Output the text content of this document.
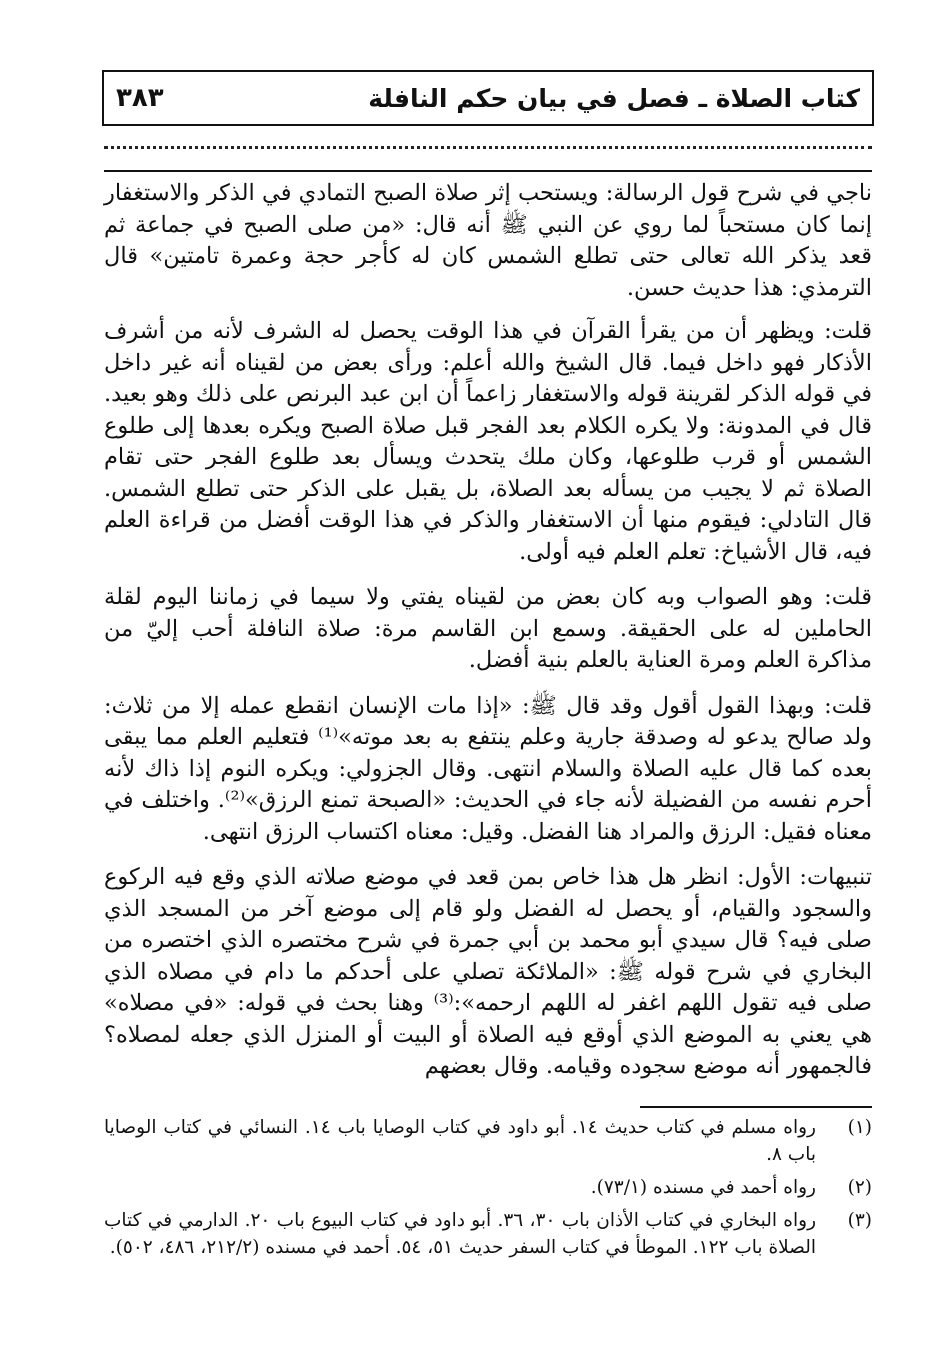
٣٨٣	كتاب الصلاة ـ فصل في بيان حكم النافلة

ناجي في شرح قول الرسالة: ويستحب إثر صلاة الصبح التمادي في الذكر والاستغفار إنما كان مستحباً لما روي عن النبي ﷺ أنه قال: «من صلى الصبح في جماعة ثم قعد يذكر الله تعالى حتى تطلع الشمس كان له كأجر حجة وعمرة تامتين» قال الترمذي: هذا حديث حسن.

قلت: ويظهر أن من يقرأ القرآن في هذا الوقت يحصل له الشرف لأنه من أشرف الأذكار فهو داخل فيما. قال الشيخ والله أعلم: ورأى بعض من لقيناه أنه غير داخل في قوله الذكر لقرينة قوله والاستغفار زاعماً أن ابن عبد البرنص على ذلك وهو بعيد. قال في المدونة: ولا يكره الكلام بعد الفجر قبل صلاة الصبح ويكره بعدها إلى طلوع الشمس أو قرب طلوعها، وكان ملك يتحدث ويسأل بعد طلوع الفجر حتى تقام الصلاة ثم لا يجيب من يسأله بعد الصلاة، بل يقبل على الذكر حتى تطلع الشمس. قال التادلي: فيقوم منها أن الاستغفار والذكر في هذا الوقت أفضل من قراءة العلم فيه، قال الأشياخ: تعلم العلم فيه أولى.

قلت: وهو الصواب وبه كان بعض من لقيناه يفتي ولا سيما في زماننا اليوم لقلة الحاملين له على الحقيقة. وسمع ابن القاسم مرة: صلاة النافلة أحب إليّ من مذاكرة العلم ومرة العناية بالعلم بنية أفضل.

قلت: وبهذا القول أقول وقد قال ﷺ: «إذا مات الإنسان انقطع عمله إلا من ثلاث: ولد صالح يدعو له وصدقة جارية وعلم ينتفع به بعد موته»⁽¹⁾ فتعليم العلم مما يبقى بعده كما قال عليه الصلاة والسلام انتهى. وقال الجزولي: ويكره النوم إذا ذاك لأنه أحرم نفسه من الفضيلة لأنه جاء في الحديث: «الصبحة تمنع الرزق»⁽²⁾. واختلف في معناه فقيل: الرزق والمراد هنا الفضل. وقيل: معناه اكتساب الرزق انتهى.

تنبيهات: الأول: انظر هل هذا خاص بمن قعد في موضع صلاته الذي وقع فيه الركوع والسجود والقيام، أو يحصل له الفضل ولو قام إلى موضع آخر من المسجد الذي صلى فيه؟ قال سيدي أبو محمد بن أبي جمرة في شرح مختصره الذي اختصره من البخاري في شرح قوله ﷺ: «الملائكة تصلي على أحدكم ما دام في مصلاه الذي صلى فيه تقول اللهم اغفر له اللهم ارحمه»:⁽³⁾ وهنا بحث في قوله: «في مصلاه» هي يعني به الموضع الذي أوقع فيه الصلاة أو البيت أو المنزل الذي جعله لمصلاه؟ فالجمهور أنه موضع سجوده وقيامه. وقال بعضهم

(١)
رواه مسلم في كتاب حديث ١٤. أبو داود في كتاب الوصايا باب ١٤. النسائي في كتاب الوصايا باب ٨.
(٢)
رواه أحمد في مسنده (٧٣/١).
(٣)
رواه البخاري في كتاب الأذان باب ٣٠، ٣٦. أبو داود في كتاب البيوع باب ٢٠. الدارمي في كتاب الصلاة باب ١٢٢. الموطأ في كتاب السفر حديث ٥١، ٥٤. أحمد في مسنده (٢١٢/٢، ٤٨٦، ٥٠٢).
